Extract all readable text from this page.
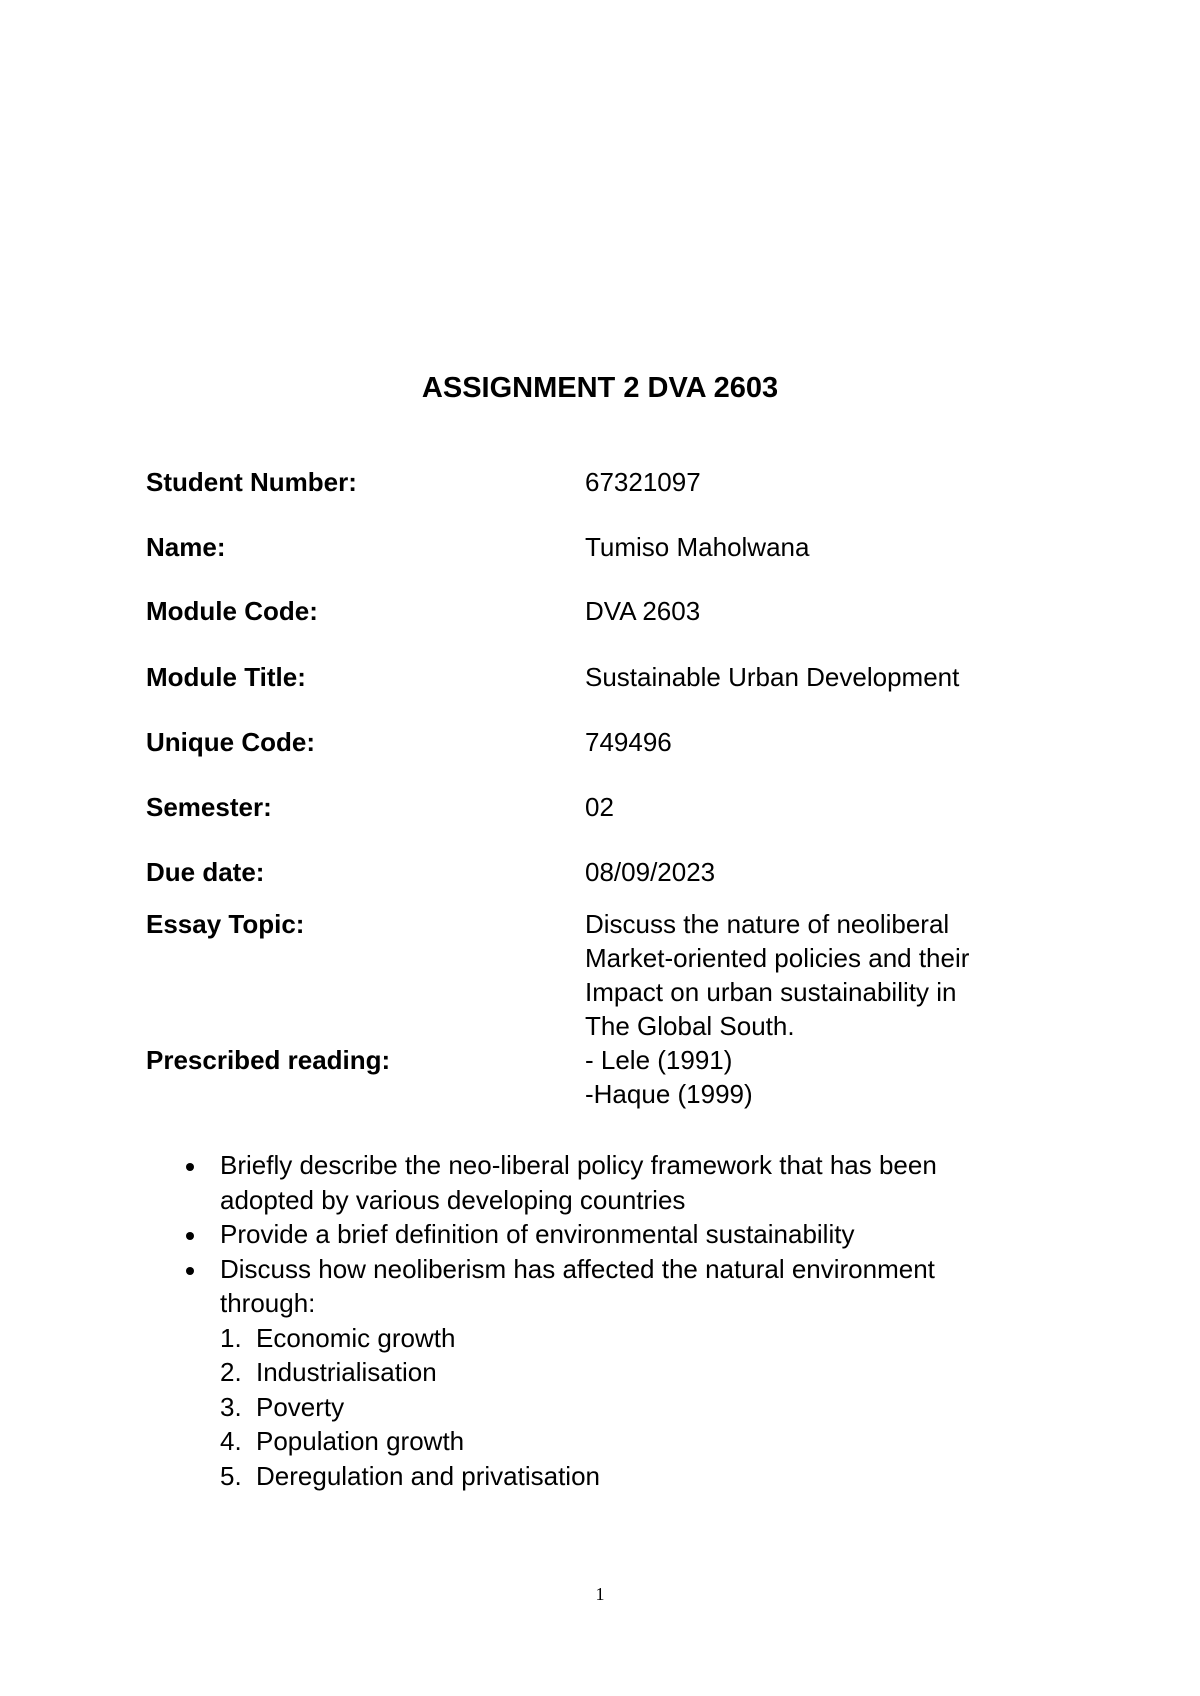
ASSIGNMENT 2 DVA 2603
Student Number:	67321097
Name:	Tumiso Maholwana
Module Code:	DVA 2603
Module Title:	Sustainable Urban Development
Unique Code:	749496
Semester:	02
Due date:	08/09/2023
Essay Topic:	Discuss the nature of neoliberal
Market-oriented policies and their
Impact on urban sustainability in
The Global South.
Prescribed reading:	- Lele (1991)
-Haque (1999)
Briefly describe the neo-liberal policy framework that has been
adopted by various developing countries
Provide a brief definition of environmental sustainability
Discuss how neoliberism has affected the natural environment
through:
1. Economic growth
2. Industrialisation
3. Poverty
4. Population growth
5. Deregulation and privatisation
1
